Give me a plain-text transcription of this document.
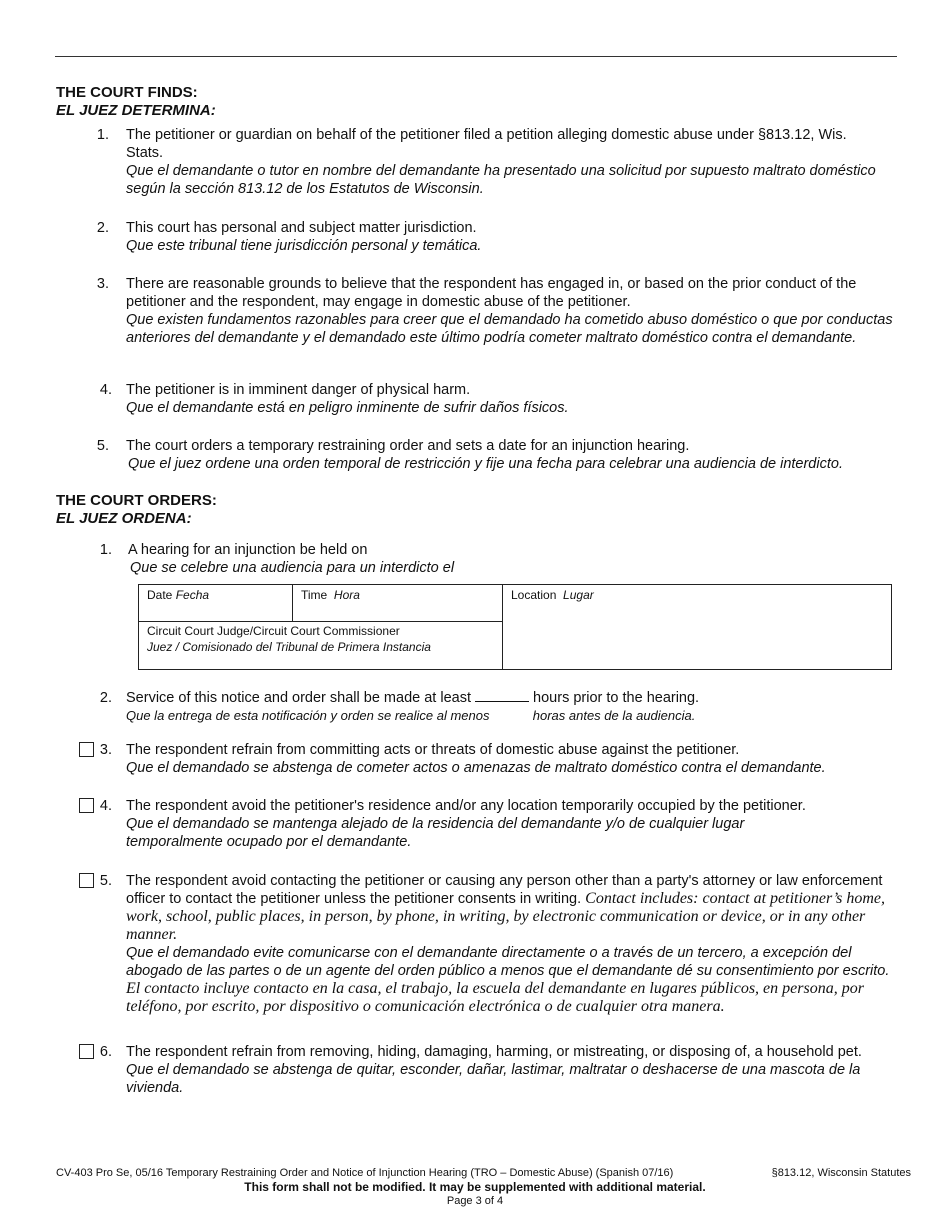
THE COURT FINDS:
EL JUEZ DETERMINA:
1. The petitioner or guardian on behalf of the petitioner filed a petition alleging domestic abuse under §813.12, Wis. Stats.
Que el demandante o tutor en nombre del demandante ha presentado una solicitud por supuesto maltrato doméstico según la sección 813.12 de los Estatutos de Wisconsin.
2. This court has personal and subject matter jurisdiction.
Que este tribunal tiene jurisdicción personal y temática.
3. There are reasonable grounds to believe that the respondent has engaged in, or based on the prior conduct of the petitioner and the respondent, may engage in domestic abuse of the petitioner.
Que existen fundamentos razonables para creer que el demandado ha cometido abuso doméstico o que por conductas anteriores del demandante y el demandado este último podría cometer maltrato doméstico contra el demandante.
4. The petitioner is in imminent danger of physical harm.
Que el demandante está en peligro inminente de sufrir daños físicos.
5. The court orders a temporary restraining order and sets a date for an injunction hearing.
Que el juez ordene una orden temporal de restricción y fije una fecha para celebrar una audiencia de interdicto.
THE COURT ORDERS:
EL JUEZ ORDENA:
1. A hearing for an injunction be held on
Que se celebre una audiencia para un interdicto el
Date Fecha	Time Hora	Location Lugar
Circuit Court Judge/Circuit Court Commissioner
Juez / Comisionado del Tribunal de Primera Instancia
2. Service of this notice and order shall be made at least	hours prior to the hearing.
Que la entrega de esta notificación y orden se realice al menos	horas antes de la audiencia.
3. The respondent refrain from committing acts or threats of domestic abuse against the petitioner.
Que el demandado se abstenga de cometer actos o amenazas de maltrato doméstico contra el demandante.
4. The respondent avoid the petitioner's residence and/or any location temporarily occupied by the petitioner.
Que el demandado se mantenga alejado de la residencia del demandante y/o de cualquier lugar temporalmente ocupado por el demandante.
5. The respondent avoid contacting the petitioner or causing any person other than a party's attorney or law enforcement officer to contact the petitioner unless the petitioner consents in writing. Contact includes: contact at petitioner’s home, work, school, public places, in person, by phone, in writing, by electronic communication or device, or in any other manner.
Que el demandado evite comunicarse con el demandante directamente o a través de un tercero, a excepción del abogado de las partes o de un agente del orden público a menos que el demandante dé su consentimiento por escrito. El contacto incluye contacto en la casa, el trabajo, la escuela del demandante en lugares públicos, en persona, por teléfono, por escrito, por dispositivo o comunicación electrónica o de cualquier otra manera.
6. The respondent refrain from removing, hiding, damaging, harming, or mistreating, or disposing of, a household pet.
Que el demandado se abstenga de quitar, esconder, dañar, lastimar, maltratar o deshacerse de una mascota de la vivienda.
CV-403 Pro Se, 05/16 Temporary Restraining Order and Notice of Injunction Hearing (TRO – Domestic Abuse) (Spanish 07/16)	§813.12, Wisconsin Statutes
This form shall not be modified. It may be supplemented with additional material.
Page 3 of 4
